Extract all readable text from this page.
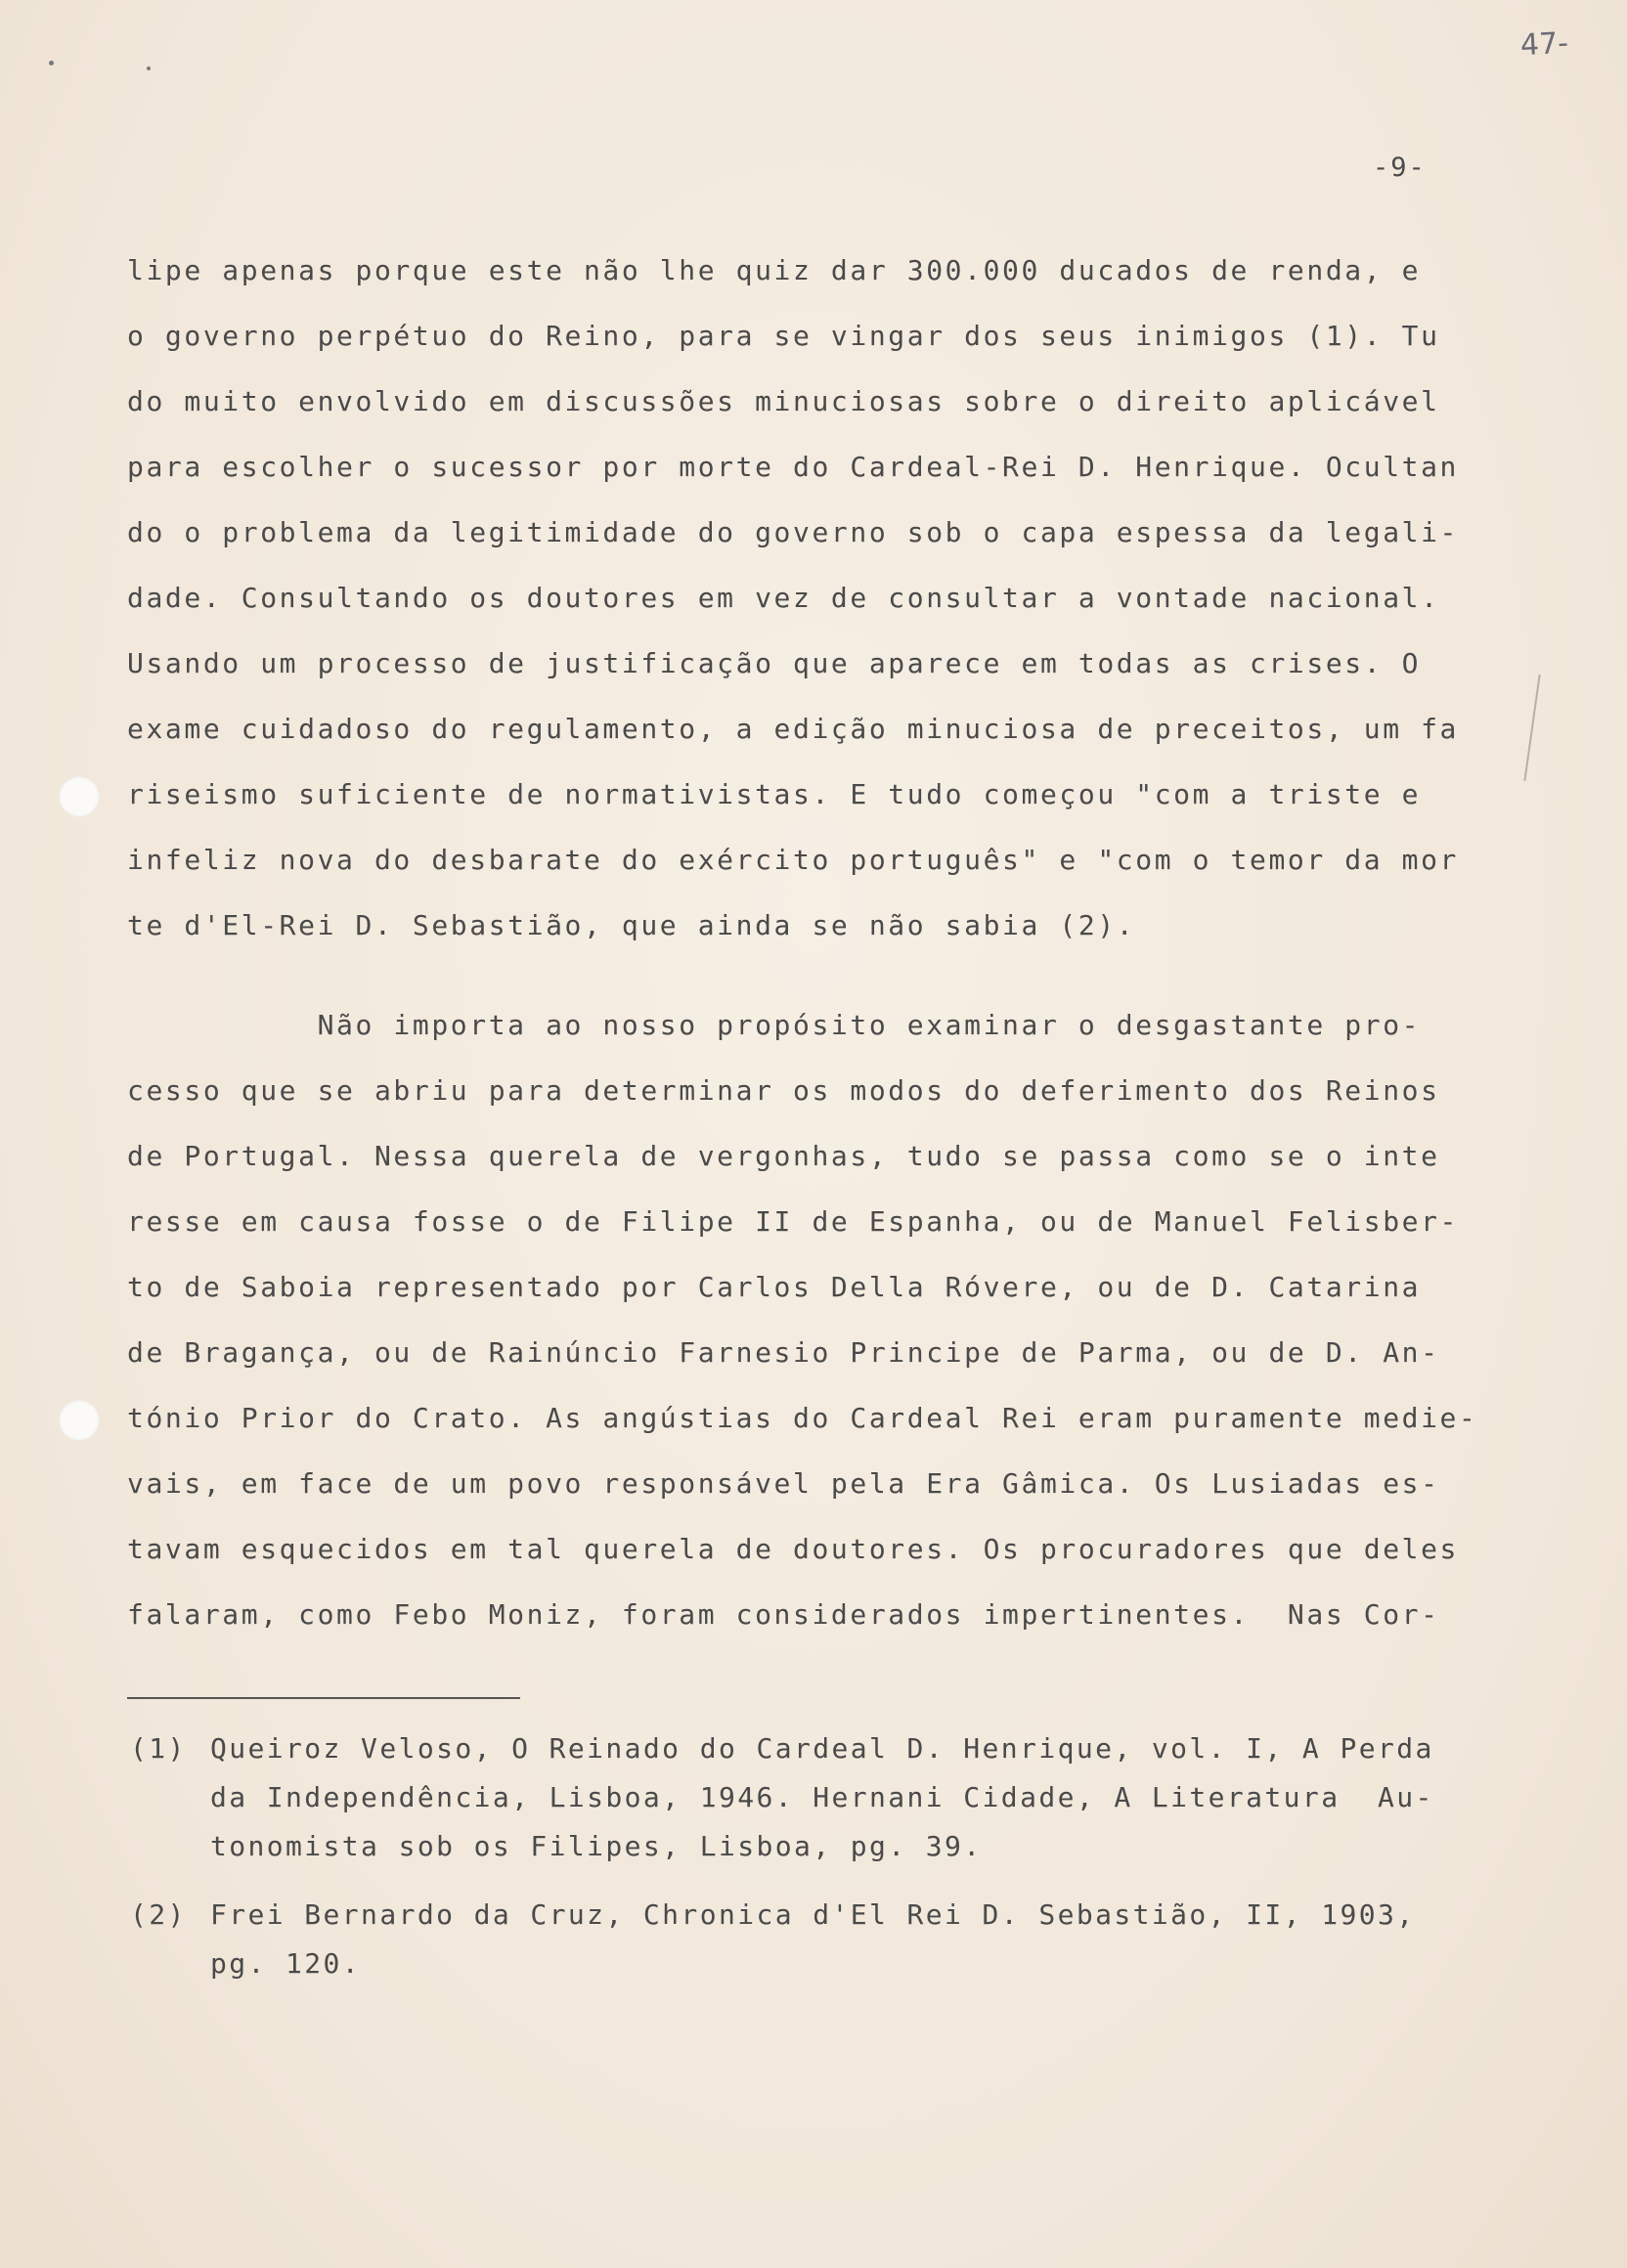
47-
-9-
lipe apenas porque este não lhe quiz dar 300.000 ducados de renda, e
o governo perpétuo do Reino, para se vingar dos seus inimigos (1). Tu
do muito envolvido em discussões minuciosas sobre o direito aplicável
para escolher o sucessor por morte do Cardeal-Rei D. Henrique. Ocultan
do o problema da legitimidade do governo sob o capa espessa da legali-
dade. Consultando os doutores em vez de consultar a vontade nacional.
Usando um processo de justificação que aparece em todas as crises. O
exame cuidadoso do regulamento, a edição minuciosa de preceitos, um fa
riseismo suficiente de normativistas. E tudo começou "com a triste e
infeliz nova do desbarate do exército português" e "com o temor da mor
te d'El-Rei D. Sebastião, que ainda se não sabia (2).
Não importa ao nosso propósito examinar o desgastante pro-
cesso que se abriu para determinar os modos do deferimento dos Reinos
de Portugal. Nessa querela de vergonhas, tudo se passa como se o inte
resse em causa fosse o de Filipe II de Espanha, ou de Manuel Felisber-
to de Saboia representado por Carlos Della Róvere, ou de D. Catarina
de Bragança, ou de Rainúncio Farnesio Principe de Parma, ou de D. An-
tónio Prior do Crato. As angústias do Cardeal Rei eram puramente medie-
vais, em face de um povo responsável pela Era Gâmica. Os Lusiadas es-
tavam esquecidos em tal querela de doutores. Os procuradores que deles
falaram, como Febo Moniz, foram considerados impertinentes.  Nas Cor-
(1) Queiroz Veloso, O Reinado do Cardeal D. Henrique, vol. I, A Perda
da Independência, Lisboa, 1946. Hernani Cidade, A Literatura  Au-
tonomista sob os Filipes, Lisboa, pg. 39.
(2) Frei Bernardo da Cruz, Chronica d'El Rei D. Sebastião, II, 1903,
pg. 120.
